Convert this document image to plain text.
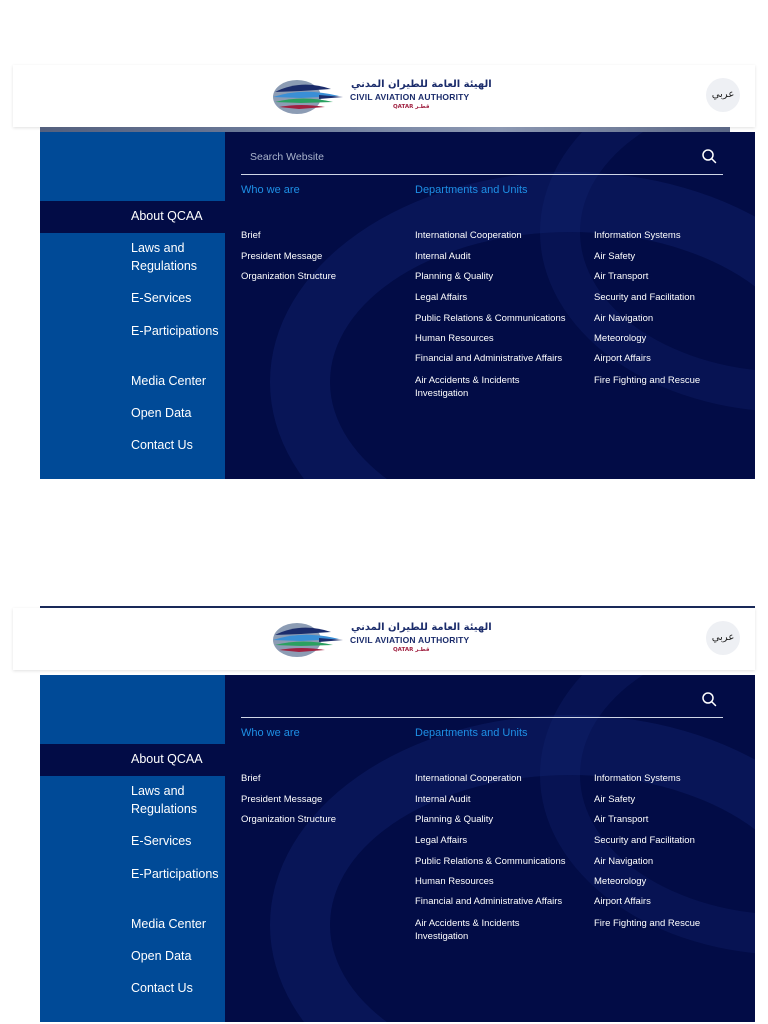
الهيئة العامة للطيران المدني
CIVIL AVIATION AUTHORITY
QATAR قطـر
عربي
About QCAA
Laws and Regulations
E-Services
E-Participations
Media Center
Open Data
Contact Us
Search Website
Who we are	Departments and Units
Brief
President Message
Organization Structure
International Cooperation
Internal Audit
Planning & Quality
Legal Affairs
Public Relations & Communications
Human Resources
Financial and Administrative Affairs
Air Accidents & Incidents Investigation
Information Systems
Air Safety
Air Transport
Security and Facilitation
Air Navigation
Meteorology
Airport Affairs
Fire Fighting and Rescue
الهيئة العامة للطيران المدني
CIVIL AVIATION AUTHORITY
QATAR قطـر
عربي
About QCAA
Laws and Regulations
E-Services
E-Participations
Media Center
Open Data
Contact Us
Who we are	Departments and Units
Brief
President Message
Organization Structure
International Cooperation
Internal Audit
Planning & Quality
Legal Affairs
Public Relations & Communications
Human Resources
Financial and Administrative Affairs
Air Accidents & Incidents Investigation
Information Systems
Air Safety
Air Transport
Security and Facilitation
Air Navigation
Meteorology
Airport Affairs
Fire Fighting and Rescue
